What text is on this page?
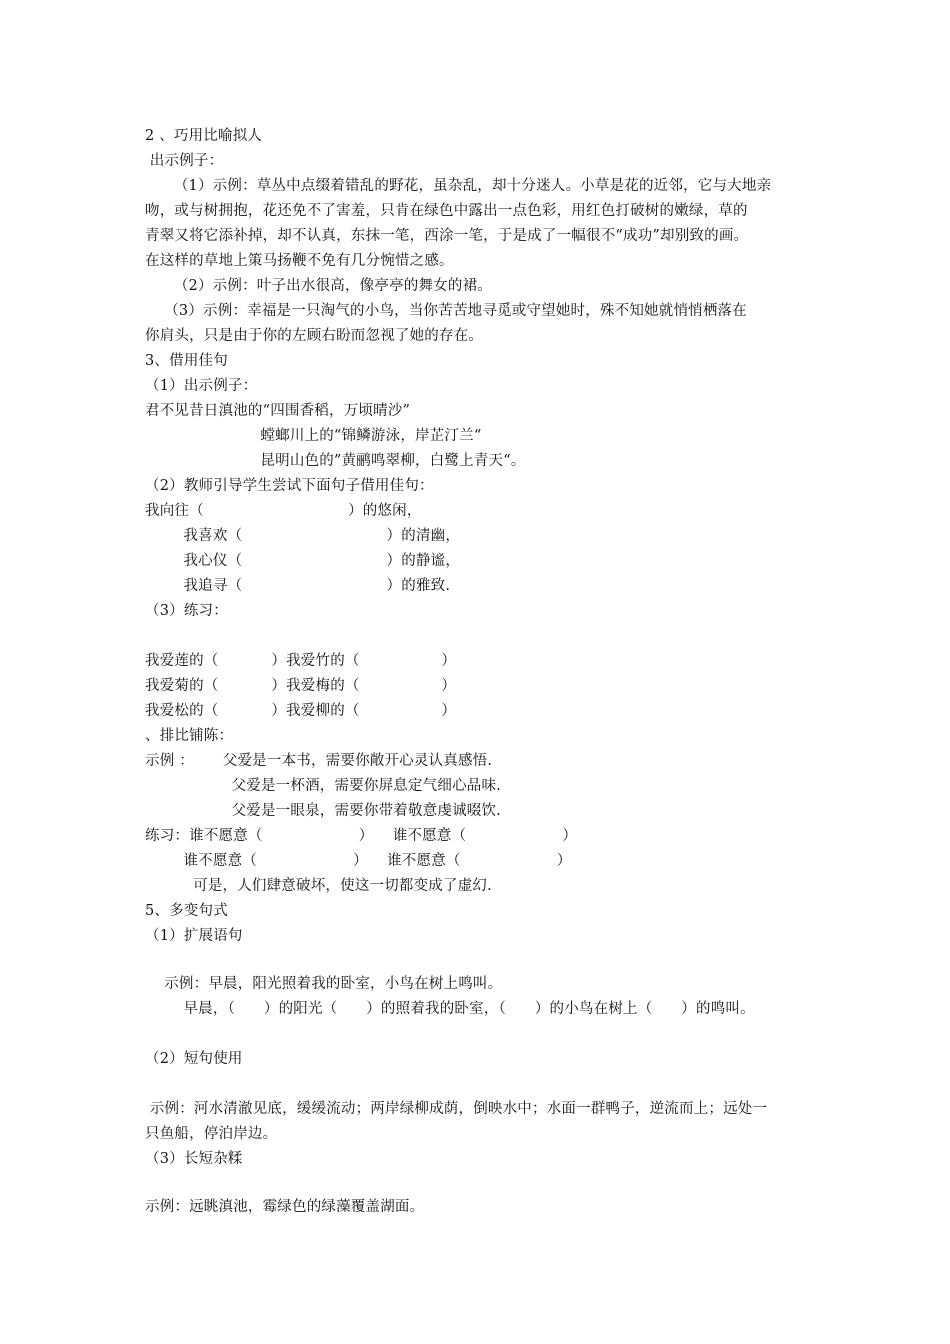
2 、巧用比喻拟人
出示例子：
（1）示例：草丛中点缀着错乱的野花，虽杂乱，却十分迷人。小草是花的近邻，它与大地亲
吻，或与树拥抱，花还免不了害羞，只肯在绿色中露出一点色彩，用红色打破树的嫩绿，草的
青翠又将它添补掉，却不认真，东抹一笔，西涂一笔，于是成了一幅很不“成功”却别致的画。
在这样的草地上策马扬鞭不免有几分惋惜之感。
（2）示例：叶子出水很高，像亭亭的舞女的裙。
（3）示例：幸福是一只淘气的小鸟，当你苦苦地寻觅或守望她时，殊不知她就悄悄栖落在
你肩头，只是由于你的左顾右盼而忽视了她的存在。
3、借用佳句
（1）出示例子：
君不见昔日滇池的“四围香稻，万顷晴沙”
螳螂川上的“锦鳞游泳，岸芷汀兰“
昆明山色的”黄鹂鸣翠柳，白鹭上青天“。
（2）教师引导学生尝试下面句子借用佳句：
我向往（                              ）的悠闲，
我喜欢（                              ）的清幽，
我心仪（                              ）的静谧，
我追寻（                              ）的雅致.
（3）练习：
我爱莲的（           ）我爱竹的（                 ）
我爱菊的（           ）我爱梅的（                 ）
我爱松的（           ）我爱柳的（                 ）
、排比铺陈：
示例 ：      父爱是一本书，需要你敞开心灵认真感悟.
父爱是一杯酒，需要你屏息定气细心品味.
父爱是一眼泉，需要你带着敬意虔诚啜饮.
练习：谁不愿意（                    ）    谁不愿意（                    ）
谁不愿意（                    ）    谁不愿意（                    ）
可是，人们肆意破坏，使这一切都变成了虚幻.
5、多变句式
（1）扩展语句
示例：早晨，阳光照着我的卧室，小鸟在树上鸣叫。
早晨，（      ）的阳光（      ）的照着我的卧室，（      ）的小鸟在树上（      ）的鸣叫。
（2）短句使用
示例：河水清澈见底，缓缓流动；两岸绿柳成荫，倒映水中；水面一群鸭子，逆流而上；远处一
只鱼船，停泊岸边。
（3）长短杂糅
示例：远眺滇池，霉绿色的绿藻覆盖湖面。
